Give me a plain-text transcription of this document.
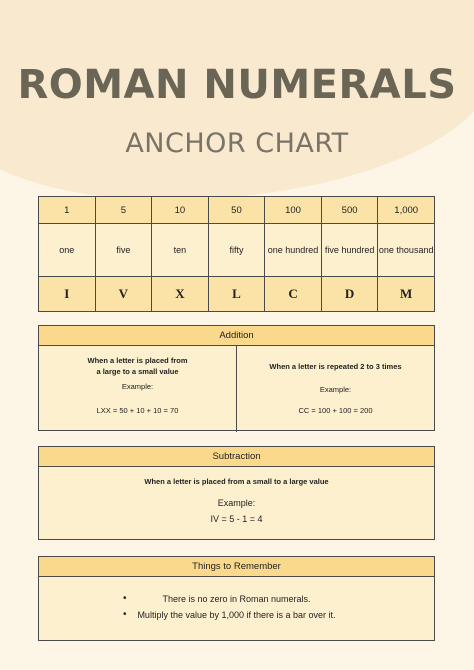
ROMAN NUMERALS
ANCHOR CHART
1	5	10	50	100	500	1,000
one	five	ten	fifty	one hundred	five hundred	one thousand
I	V	X	L	C	D	M
Addition
When a letter is placed from
a large to a small value
Example:
LXX = 50 + 10 + 10 = 70
When a letter is repeated 2 to 3 times
Example:
CC = 100 + 100 = 200
Subtraction
When a letter is placed from a small to a large value
Example:
IV = 5 - 1 = 4
Things to Remember
•	There is no zero in Roman numerals.
• Multiply the value by 1,000 if there is a bar over it.
